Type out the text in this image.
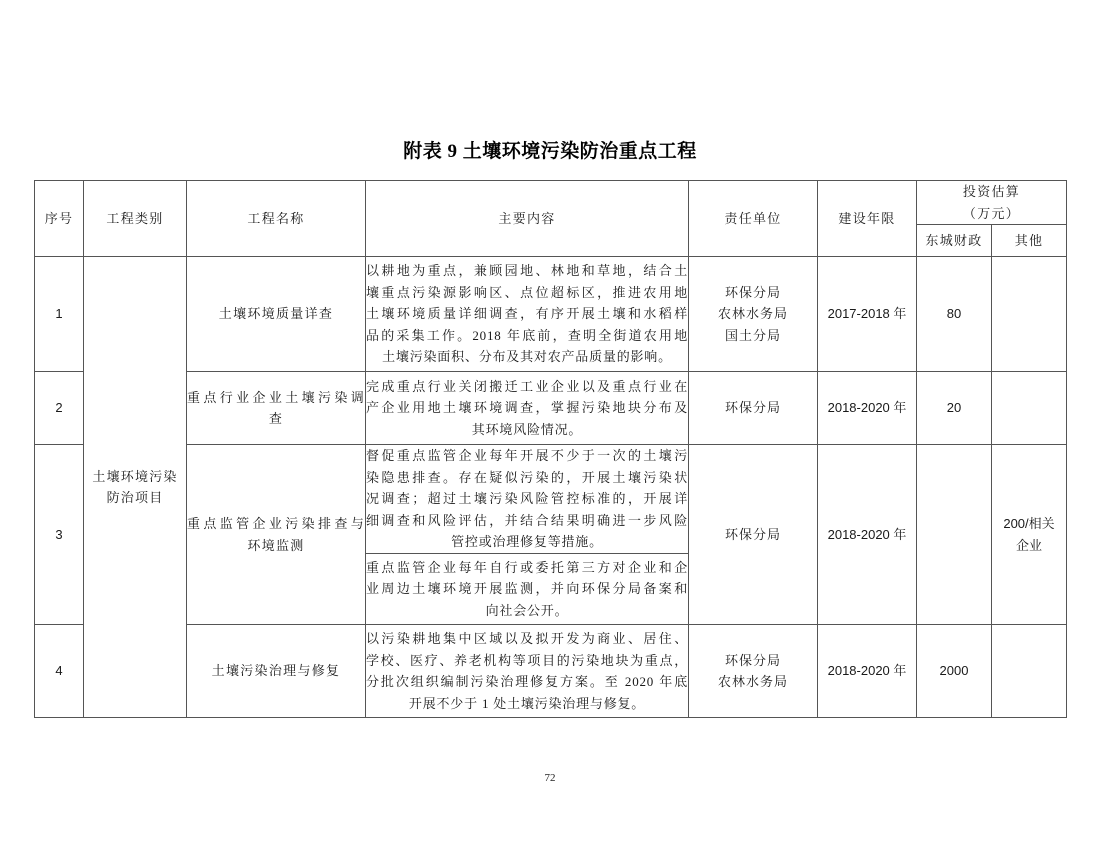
附表 9 土壤环境污染防治重点工程
序号	工程类别	工程名称	主要内容	责任单位	建设年限	投资估算
（万元）	

						东城财政	其他
1	土壤环境污染
防治项目	土壤环境质量详查	以耕地为重点，兼顾园地、林地和草地，结合土
壤重点污染源影响区、点位超标区，推进农用地
土壤环境质量详细调查，有序开展土壤和水稻样
品的采集工作。2018 年底前，查明全街道农用地
土壤污染面积、分布及其对农产品质量的影响。	环保分局
农林水务局
国土分局	2017-2018 年	80	
2		重点行业企业土壤污染调
查	完成重点行业关闭搬迁工业企业以及重点行业在
产企业用地土壤环境调查，掌握污染地块分布及
其环境风险情况。	环保分局	2018-2020 年	20	
3		重点监管企业污染排查与
环境监测	督促重点监管企业每年开展不少于一次的土壤污
染隐患排查。存在疑似污染的，开展土壤污染状
况调查；超过土壤污染风险管控标准的，开展详
细调查和风险评估，并结合结果明确进一步风险
管控或治理修复等措施。	环保分局	2018-2020 年		200/相关
企业

			重点监管企业每年自行或委托第三方对企业和企
业周边土壤环境开展监测，并向环保分局备案和
向社会公开。				

4		土壤污染治理与修复	以污染耕地集中区域以及拟开发为商业、居住、
学校、医疗、养老机构等项目的污染地块为重点，
分批次组织编制污染治理修复方案。至 2020 年底
开展不少于 1 处土壤污染治理与修复。	环保分局
农林水务局	2018-2020 年	2000	
72
